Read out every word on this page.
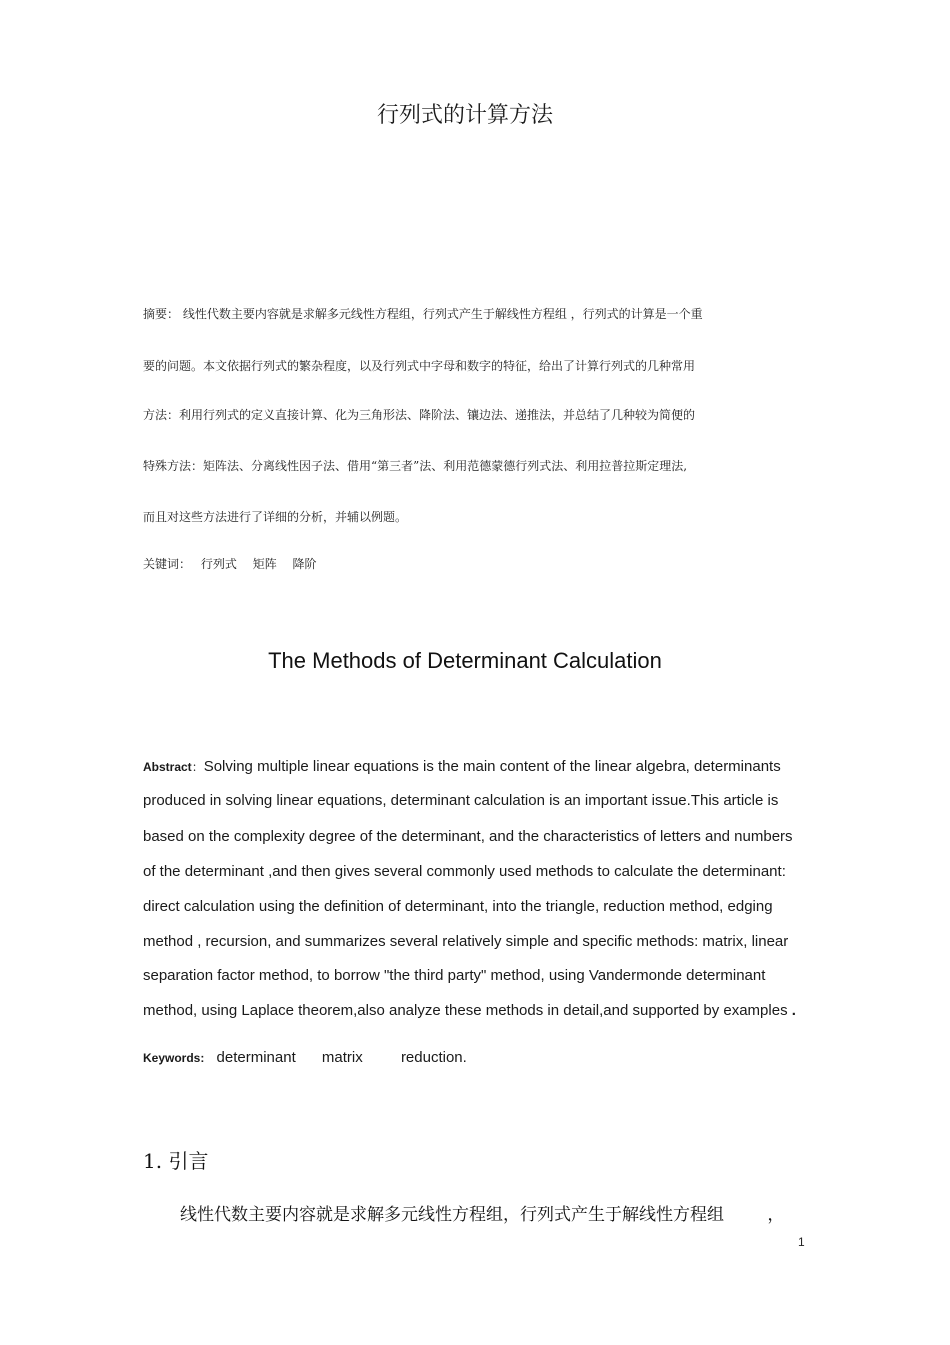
行列式的计算方法
摘要： 线性代数主要内容就是求解多元线性方程组，行列式产生于解线性方程组 ，行列式的计算是一个重
要的问题。本文依据行列式的繁杂程度，以及行列式中字母和数字的特征，给出了计算行列式的几种常用
方法：利用行列式的定义直接计算、化为三角形法、降阶法、镶边法、递推法，并总结了几种较为简便的
特殊方法：矩阵法、分离线性因子法、借用“第三者”法、利用范德蒙德行列式法、利用拉普拉斯定理法,
而且对这些方法进行了详细的分析，并辅以例题。
关键词： 行列式 矩阵 降阶
The Methods of Determinant Calculation
Abstract：Solving multiple linear equations is the main content of the linear algebra, determinants
produced in solving linear equations, determinant calculation is an important issue.This article is
based on the complexity degree of the determinant, and the characteristics of letters and numbers
of the determinant ,and then gives several commonly used methods to calculate the determinant:
direct calculation using the definition of determinant, into the triangle, reduction method, edging
method , recursion, and summarizes several relatively simple and specific methods: matrix, linear
separation factor method, to borrow "the third party" method, using Vandermonde determinant
method, using Laplace theorem,also analyze these methods in detail,and supported by examples .
Keywords: determinant matrix	reduction.
1. 引言
线性代数主要内容就是求解多元线性方程组，行列式产生于解线性方程组	，
1
